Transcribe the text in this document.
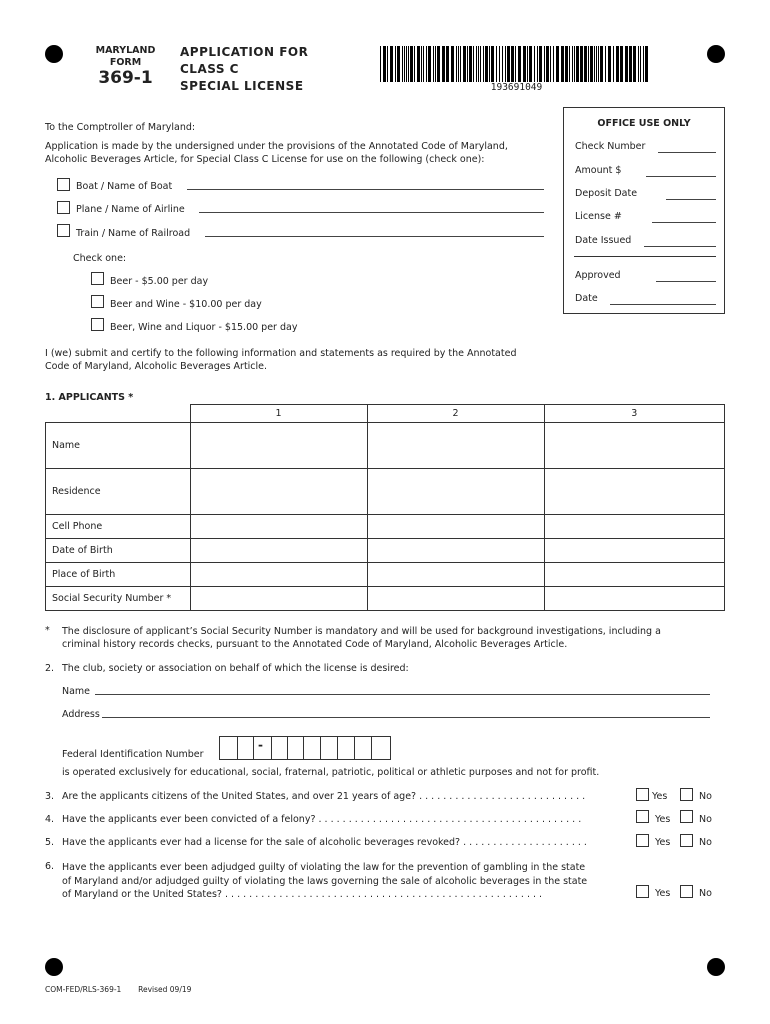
MARYLAND
FORM
369-1
APPLICATION FOR
CLASS C
SPECIAL LICENSE	193691049
OFFICE USE ONLY
Check Number
Amount $
Deposit Date
License #
Date Issued
Approved
Date
To the Comptroller of Maryland:
Application is made by the undersigned under the provisions of the Annotated Code of Maryland,
Alcoholic Beverages Article, for Special Class C License for use on the following (check one):
Boat / Name of Boat
Plane / Name of Airline
Train / Name of Railroad
Check one:
Beer - $5.00 per day
Beer and Wine - $10.00 per day
Beer, Wine and Liquor - $15.00 per day
I (we) submit and certify to the following information and statements as required by the Annotated
Code of Maryland, Alcoholic Beverages Article.
1. APPLICANTS *
	1	2	3
Name			
Residence			
Cell Phone			
Date of Birth			
Place of Birth			
Social Security Number *			
* The disclosure of applicant’s Social Security Number is mandatory and will be used for background investigations, including a
criminal history records checks, pursuant to the Annotated Code of Maryland, Alcoholic Beverages Article.
2. The club, society or association on behalf of which the license is desired:
Name
Address
Federal Identification Number
-
is operated exclusively for educational, social, fraternal, patriotic, political or athletic purposes and not for profit.
3. Are the applicants citizens of the United States, and over 21 years of age? . . . . . . . . . . . . . . . . . . . . . . . . . . . .	Yes	No
4. Have the applicants ever been convicted of a felony? . . . . . . . . . . . . . . . . . . . . . . . . . . . . . . . . . . . . . . . . . . . .	Yes	No
5. Have the applicants ever had a license for the sale of alcoholic beverages revoked? . . . . . . . . . . . . . . . . . . . . .	Yes	No
6. Have the applicants ever been adjudged guilty of violating the law for the prevention of gambling in the state
of Maryland and/or adjudged guilty of violating the laws governing the sale of alcoholic beverages in the state
of Maryland or the United States? . . . . . . . . . . . . . . . . . . . . . . . . . . . . . . . . . . . . . . . . . . . . . . . . . . . . .	Yes	No
COM-FED/RLS-369-1 Revised 09/19
